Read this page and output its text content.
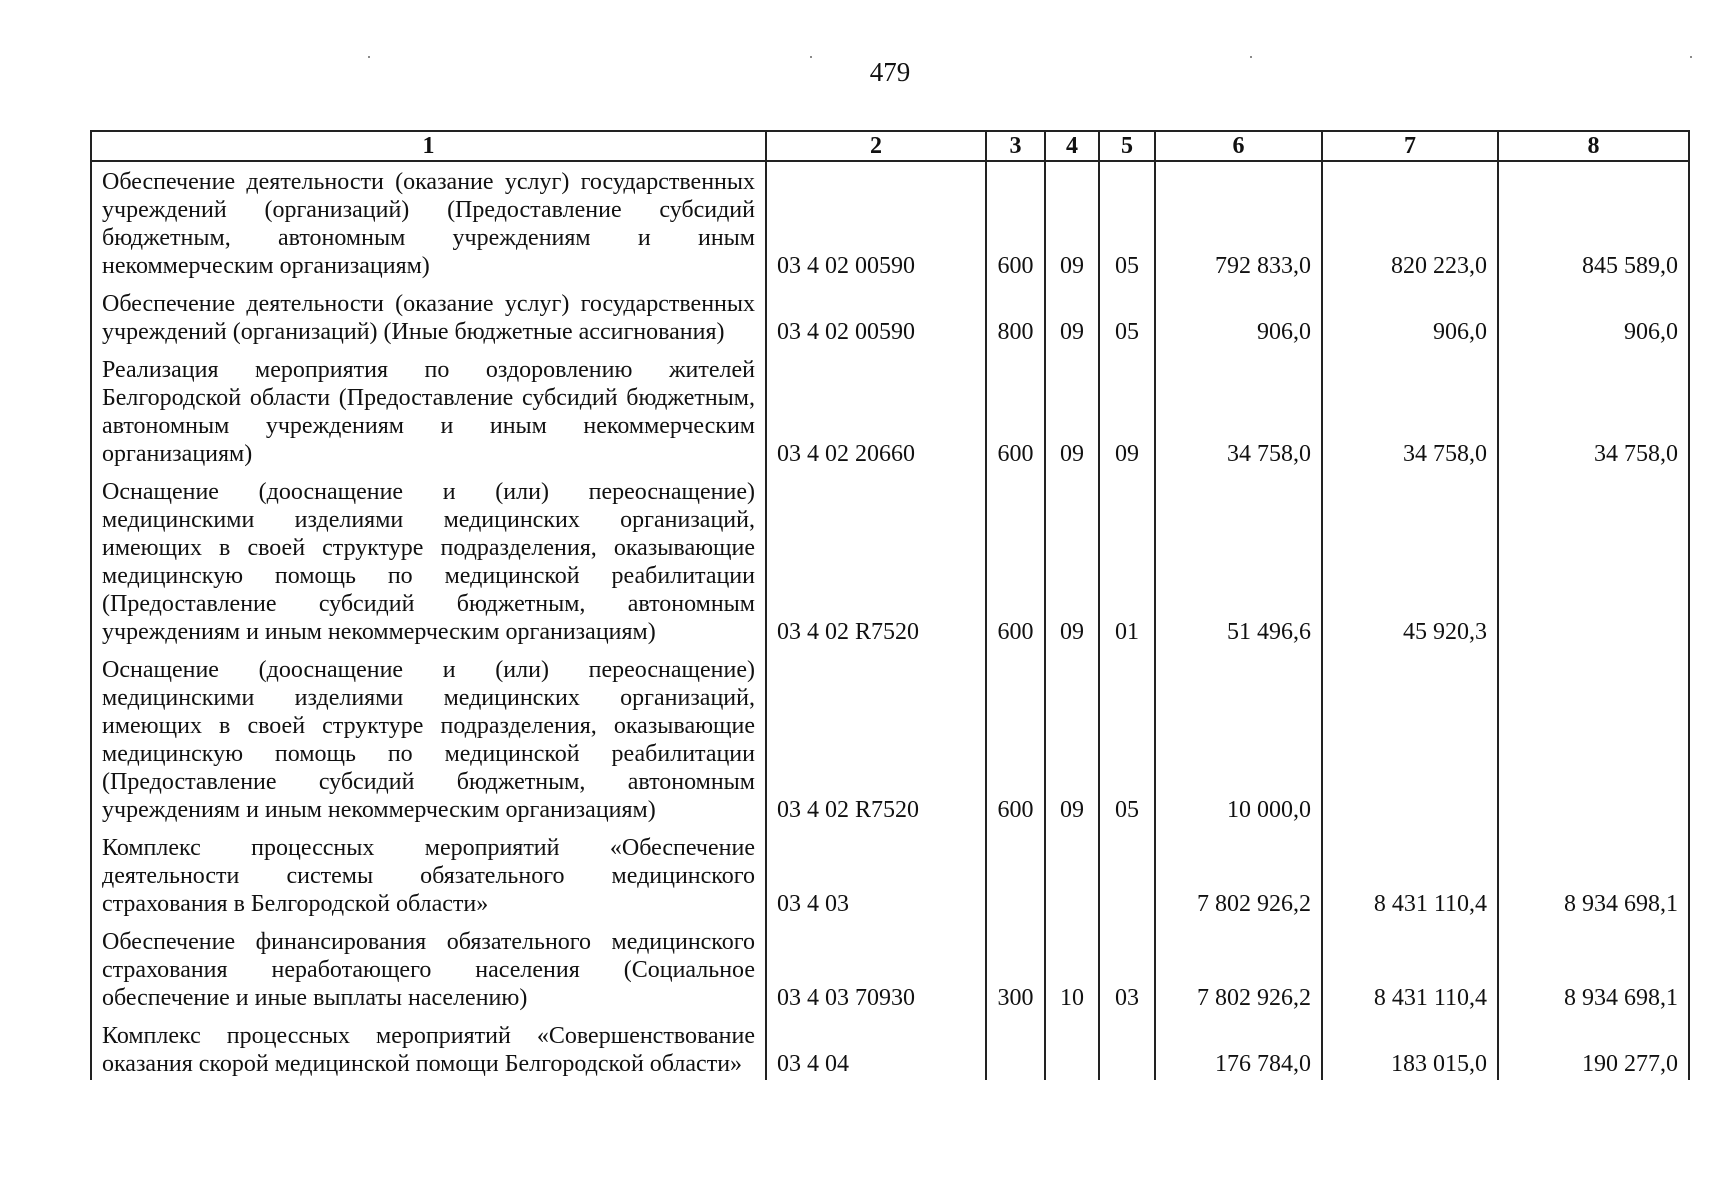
479
1	2	3	4	5	6	7	8
Обеспечение деятельности (оказание услуг) государственных учреждений (организаций) (Предоставление субсидий бюджетным, автономным учреждениям и иным некоммерческим организациям)	03 4 02 00590	600	09	05	792 833,0	820 223,0	845 589,0
Обеспечение деятельности (оказание услуг) государственных учреждений (организаций) (Иные бюджетные ассигнования)	03 4 02 00590	800	09	05	906,0	906,0	906,0
Реализация мероприятия по оздоровлению жителей Белгородской области (Предоставление субсидий бюджетным, автономным учреждениям и иным некоммерческим организациям)	03 4 02 20660	600	09	09	34 758,0	34 758,0	34 758,0
Оснащение (дооснащение и (или) переоснащение) медицинскими изделиями медицинских организаций, имеющих в своей структуре подразделения, оказывающие медицинскую помощь по медицинской реабилитации (Предоставление субсидий бюджетным, автономным учреждениям и иным некоммерческим организациям)	03 4 02 R7520	600	09	01	51 496,6	45 920,3	
Оснащение (дооснащение и (или) переоснащение) медицинскими изделиями медицинских организаций, имеющих в своей структуре подразделения, оказывающие медицинскую помощь по медицинской реабилитации (Предоставление субсидий бюджетным, автономным учреждениям и иным некоммерческим организациям)	03 4 02 R7520	600	09	05	10 000,0		
Комплекс процессных мероприятий «Обеспечение деятельности системы обязательного медицинского страхования в Белгородской области»	03 4 03				7 802 926,2	8 431 110,4	8 934 698,1
Обеспечение финансирования обязательного медицинского страхования неработающего населения (Социальное обеспечение и иные выплаты населению)	03 4 03 70930	300	10	03	7 802 926,2	8 431 110,4	8 934 698,1
Комплекс процессных мероприятий «Совершенствование оказания скорой медицинской помощи Белгородской области»	03 4 04				176 784,0	183 015,0	190 277,0
